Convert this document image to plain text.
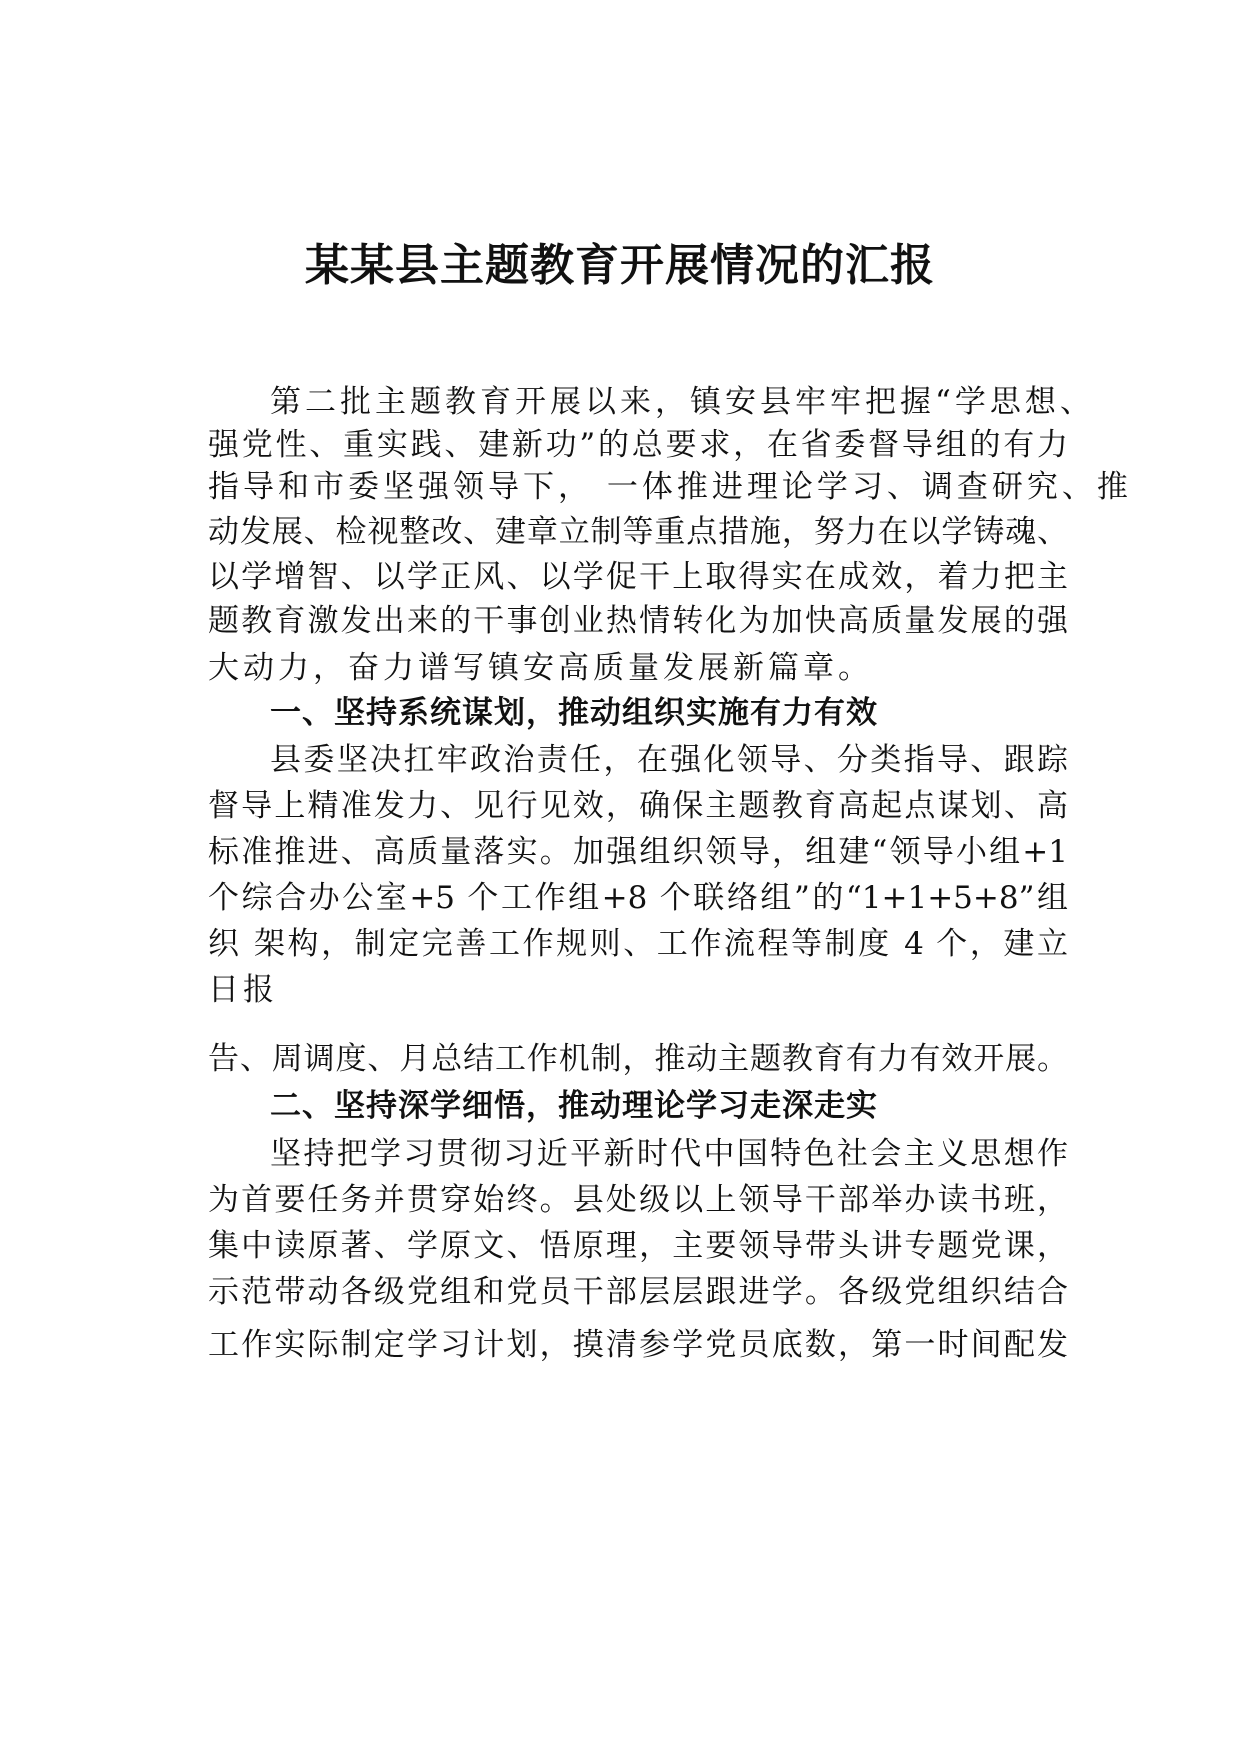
某某县主题教育开展情况的汇报

第二批主题教育开展以来，镇安县牢牢把握“学思想、

强党性、重实践、建新功”的总要求，在省委督导组的有力

指导和市委坚强领导下， 一体推进理论学习、调查研究、推

动发展、检视整改、建章立制等重点措施，努力在以学铸魂、

以学增智、以学正风、以学促干上取得实在成效，着力把主

题教育激发出来的干事创业热情转化为加快高质量发展的强

大动力，奋力谱写镇安高质量发展新篇章。

一、坚持系统谋划，推动组织实施有力有效

县委坚决扛牢政治责任，在强化领导、分类指导、跟踪

督导上精准发力、见行见效，确保主题教育高起点谋划、高

标准推进、高质量落实。加强组织领导，组建“领导小组+1

个综合办公室+5 个工作组+8 个联络组”的“1+1+5+8”组

织 架构，制定完善工作规则、工作流程等制度 4 个，建立

日报

告、周调度、月总结工作机制，推动主题教育有力有效开展。

二、坚持深学细悟，推动理论学习走深走实

坚持把学习贯彻习近平新时代中国特色社会主义思想作

为首要任务并贯穿始终。县处级以上领导干部举办读书班，

集中读原著、学原文、悟原理，主要领导带头讲专题党课，

示范带动各级党组和党员干部层层跟进学。各级党组织结合

工作实际制定学习计划，摸清参学党员底数，第一时间配发
